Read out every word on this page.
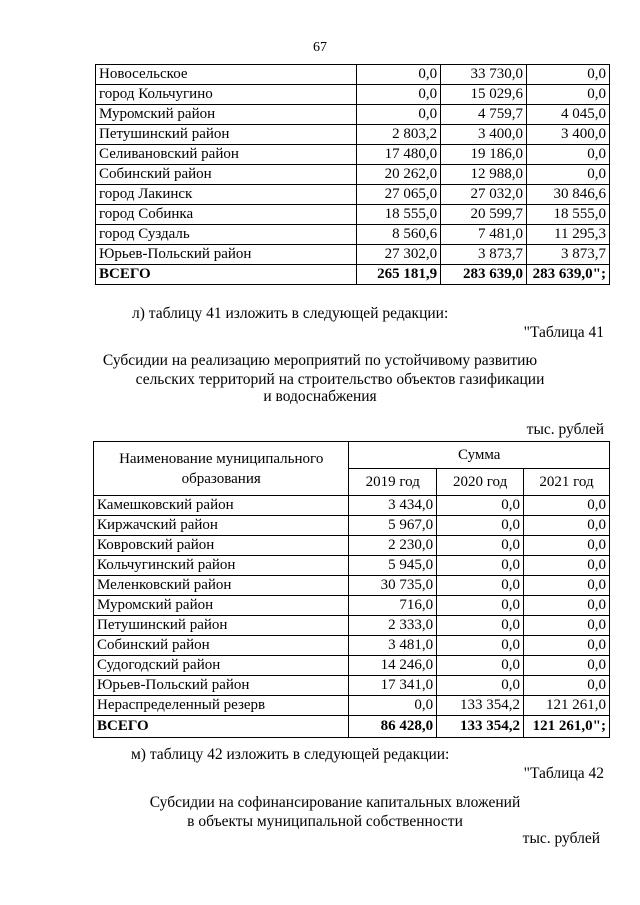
67
Новосельское	0,0	33 730,0	0,0
город Кольчугино	0,0	15 029,6	0,0
Муромский район	0,0	4 759,7	4 045,0
Петушинский район	2 803,2	3 400,0	3 400,0
Селивановский район	17 480,0	19 186,0	0,0
Собинский район	20 262,0	12 988,0	0,0
город Лакинск	27 065,0	27 032,0	30 846,6
город Собинка	18 555,0	20 599,7	18 555,0
город Суздаль	8 560,6	7 481,0	11 295,3
Юрьев-Польский район	27 302,0	3 873,7	3 873,7
ВСЕГО	265 181,9	283 639,0	283 639,0";
л) таблицу 41 изложить в следующей редакции:
"Таблица 41
Субсидии на реализацию мероприятий по устойчивому развитию
сельских территорий на строительство объектов газификации
и водоснабжения
тыс. рублей
Наименование муниципального образования	Сумма		
	2019 год	2020 год	2021 год
Камешковский район	3 434,0	0,0	0,0
Киржачский район	5 967,0	0,0	0,0
Ковровский район	2 230,0	0,0	0,0
Кольчугинский район	5 945,0	0,0	0,0
Меленковский район	30 735,0	0,0	0,0
Муромский район	716,0	0,0	0,0
Петушинский район	2 333,0	0,0	0,0
Собинский район	3 481,0	0,0	0,0
Судогодский район	14 246,0	0,0	0,0
Юрьев-Польский район	17 341,0	0,0	0,0
Нераспределенный резерв	0,0	133 354,2	121 261,0
ВСЕГО	86 428,0	133 354,2	121 261,0";
м) таблицу 42 изложить в следующей редакции:
"Таблица 42
Субсидии на софинансирование капитальных вложений
в объекты муниципальной собственности
тыс. рублей
